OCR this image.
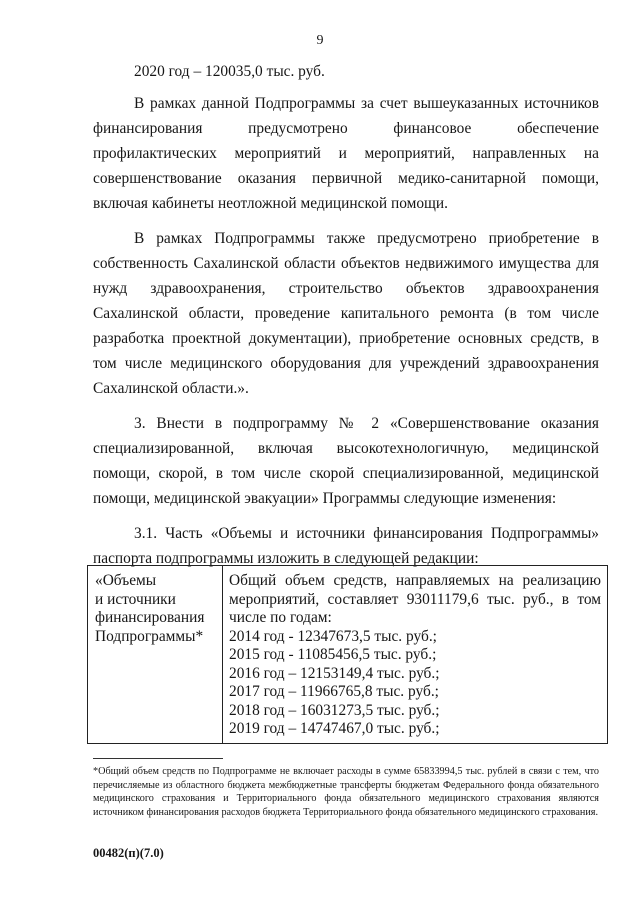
9

2020 год – 120035,0 тыс. руб.

В рамках данной Подпрограммы за счет вышеуказанных источников финансирования предусмотрено финансовое обеспечение профилактических мероприятий и мероприятий, направленных на совершенствование оказания первичной медико-санитарной помощи, включая кабинеты неотложной медицинской помощи.

В рамках Подпрограммы также предусмотрено приобретение в собственность Сахалинской области объектов недвижимого имущества для нужд здравоохранения, строительство объектов здравоохранения Сахалинской области, проведение капитального ремонта (в том числе разработка проектной документации), приобретение основных средств, в том числе медицинского оборудования для учреждений здравоохранения Сахалинской области.».

3. Внести в подпрограмму № 2 «Совершенствование оказания специализированной, включая высокотехнологичную, медицинской помощи, скорой, в том числе скорой специализированной, медицинской помощи, медицинской эвакуации» Программы следующие изменения:

3.1. Часть «Объемы и источники финансирования Подпрограммы» паспорта подпрограммы изложить в следующей редакции:

«Объемы
и источники
финансирования
Подпрограммы*

Общий объем средств, направляемых на реализацию мероприятий, составляет 93011179,6 тыс. руб., в том числе по годам:
2014 год - 12347673,5 тыс. руб.;
2015 год - 11085456,5 тыс. руб.;
2016 год – 12153149,4 тыс. руб.;
2017 год – 11966765,8 тыс. руб.;
2018 год – 16031273,5 тыс. руб.;
2019 год – 14747467,0 тыс. руб.;
*Общий объем средств по Подпрограмме не включает расходы в сумме 65833994,5 тыс. рублей в связи с тем, что перечисляемые из областного бюджета межбюджетные трансферты бюджетам Федерального фонда обязательного медицинского страхования и Территориального фонда обязательного медицинского страхования являются источником финансирования расходов бюджета Территориального фонда обязательного медицинского страхования.
00482(п)(7.0)
